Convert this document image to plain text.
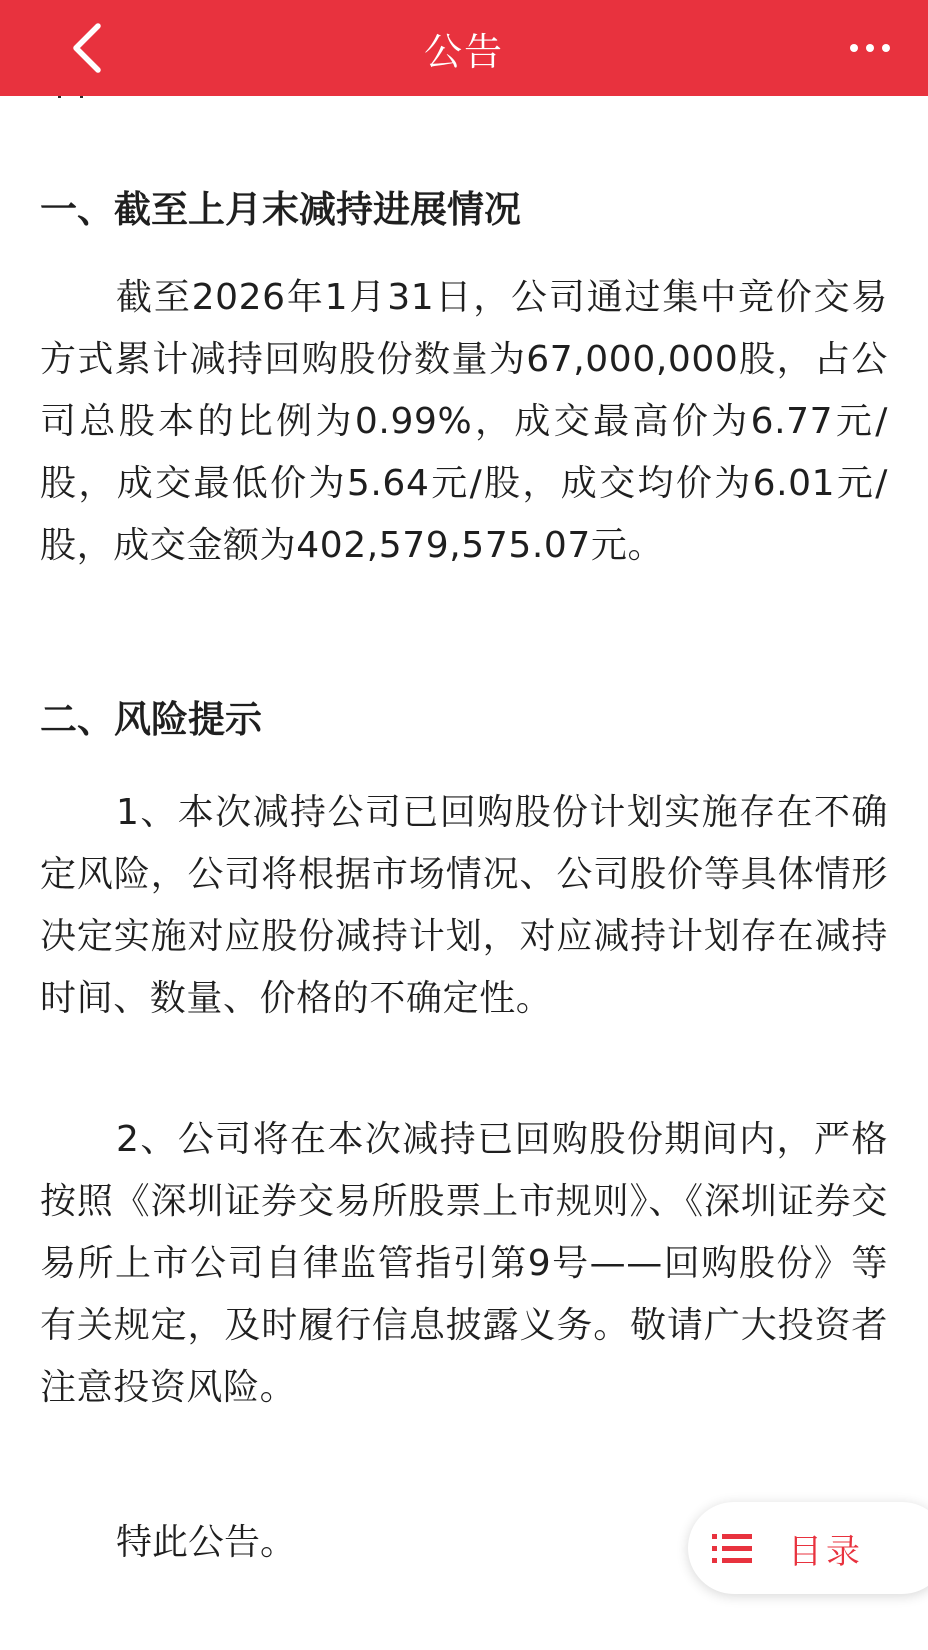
公告
一、截至上月末减持进展情况
截至2026年1月31日，公司通过集中竞价交易方式累计减持回购股份数量为67,000,000股，占公司总股本的比例为0.99%，成交最高价为6.77元/股，成交最低价为5.64元/股，成交均价为6.01元/股，成交金额为402,579,575.07元。
二、风险提示
1、本次减持公司已回购股份计划实施存在不确定风险，公司将根据市场情况、公司股价等具体情形决定实施对应股份减持计划，对应减持计划存在减持时间、数量、价格的不确定性。
2、公司将在本次减持已回购股份期间内，严格按照《深圳证券交易所股票上市规则》、《深圳证券交易所上市公司自律监管指引第9号——回购股份》等有关规定，及时履行信息披露义务。敬请广大投资者注意投资风险。
特此公告。	目录
